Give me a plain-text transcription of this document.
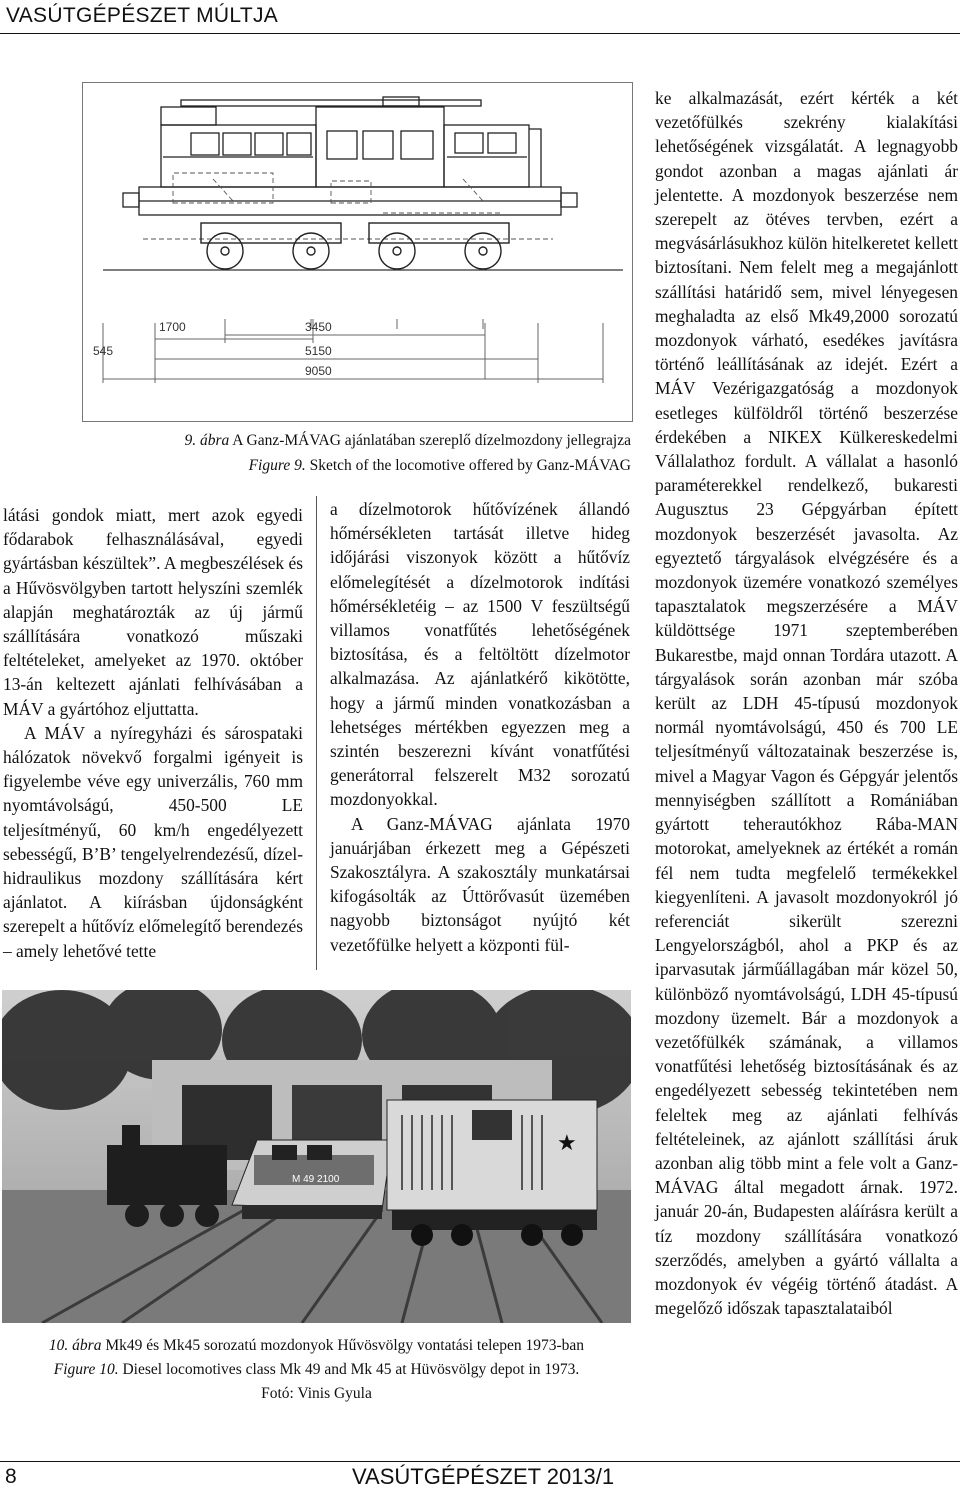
VASÚTGÉPÉSZET MÚLTJA
1700	3450
545	5150
9050
9. ábra A Ganz-MÁVAG ajánlatában szereplő dízelmozdony jellegrajza
Figure 9. Sketch of the locomotive offered by Ganz-MÁVAG

látási gondok miatt, mert azok egyedi fődarabok felhasználásával, egyedi gyártásban készültek”. A megbeszélések és a Hűvösvölgyben tartott helyszíni szemlék alapján meghatározták az új jármű szállítására vonatkozó műszaki feltételeket, amelyeket az 1970. október 13-án keltezett ajánlati felhívásában a MÁV a gyártóhoz eljuttatta.

A MÁV a nyíregyházi és sárospataki hálózatok növekvő forgalmi igényeit is figyelembe véve egy univerzális, 760 mm nyomtávolságú, 450-500 LE teljesítményű, 60 km/h engedélyezett sebességű, B’B’ tengelyelrendezésű, dízel-hidraulikus mozdony szállítására kért ajánlatot. A kiírásban újdonságként szerepelt a hűtővíz előmelegítő berendezés – amely lehetővé tette

a dízelmotorok hűtővízének állandó hőmérsékleten tartását illetve hideg időjárási viszonyok között a hűtővíz előmelegítését a dízelmotorok indítási hőmérsékletéig – az 1500 V feszültségű villamos vonatfűtés lehetőségének biztosítása, és a feltöltött dízelmotor alkalmazása. Az ajánlatkérő kikötötte, hogy a jármű minden vonatkozásban a lehetséges mértékben egyezzen meg a szintén beszerezni kívánt vonatfűtési generátorral felszerelt M32 sorozatú mozdonyokkal.

A Ganz-MÁVAG ajánlata 1970 januárjában érkezett meg a Gépészeti Szakosztályra. A szakosztály munkatársai kifogásolták az Úttörővasút üzemében nagyobb biztonságot nyújtó két vezetőfülke helyett a központi fül-

ke alkalmazását, ezért kérték a két vezetőfülkés szekrény kialakítási lehetőségének vizsgálatát. A legnagyobb gondot azonban a magas ajánlati ár jelentette. A mozdonyok beszerzése nem szerepelt az ötéves tervben, ezért a megvásárlásukhoz külön hitelkeretet kellett biztosítani. Nem felelt meg a megajánlott szállítási határidő sem, mivel lényegesen meghaladta az első Mk49,2000 sorozatú mozdonyok várható, esedékes javításra történő leállításának az idejét. Ezért a MÁV Vezérigazgatóság a mozdonyok esetleges külföldről történő beszerzése érdekében a NIKEX Külkereskedelmi Vállalathoz fordult. A vállalat a hasonló paraméterekkel rendelkező, bukaresti Augusztus 23 Gépgyárban épített mozdonyok beszerzését javasolta. Az egyeztető tárgyalások elvégzésére és a mozdonyok üzemére vonatkozó személyes tapasztalatok megszerzésére a MÁV küldöttsége 1971 szeptemberében Bukarestbe, majd onnan Tordára utazott. A tárgyalások során azonban már szóba került az LDH 45-típusú mozdonyok normál nyomtávolságú, 450 és 700 LE teljesítményű változatainak beszerzése is, mivel a Magyar Vagon és Gépgyár jelentős mennyiségben szállított a Romániában gyártott teherautókhoz Rába-MAN motorokat, amelyeknek az értékét a román fél nem tudta megfelelő termékekkel kiegyenlíteni. A javasolt mozdonyokról jó referenciát sikerült szerezni Lengyelországból, ahol a PKP és az iparvasutak járműállagában már közel 50, különböző nyomtávolságú, LDH 45-típusú mozdony üzemelt. Bár a mozdonyok a vezetőfülkék számának, a villamos vonatfűtési lehetőség biztosításának és az engedélyezett sebesség tekintetében nem feleltek meg az ajánlati felhívás feltételeinek, az ajánlott szállítási áruk azonban alig több mint a fele volt a Ganz-MÁVAG által megadott árnak. 1972. január 20-án, Budapesten aláírásra került a tíz mozdony szállítására vonatkozó szerződés, amelyben a gyártó vállalta a mozdonyok év végéig történő átadást. A megelőző időszak tapasztalataiból

M 49 2100
★
10. ábra Mk49 és Mk45 sorozatú mozdonyok Hűvösvölgy vontatási telepen 1973-ban
Figure 10. Diesel locomotives class Mk 49 and Mk 45 at Hüvösvölgy depot in 1973.
Fotó: Vinis Gyula
8	VASÚTGÉPÉSZET 2013/1
